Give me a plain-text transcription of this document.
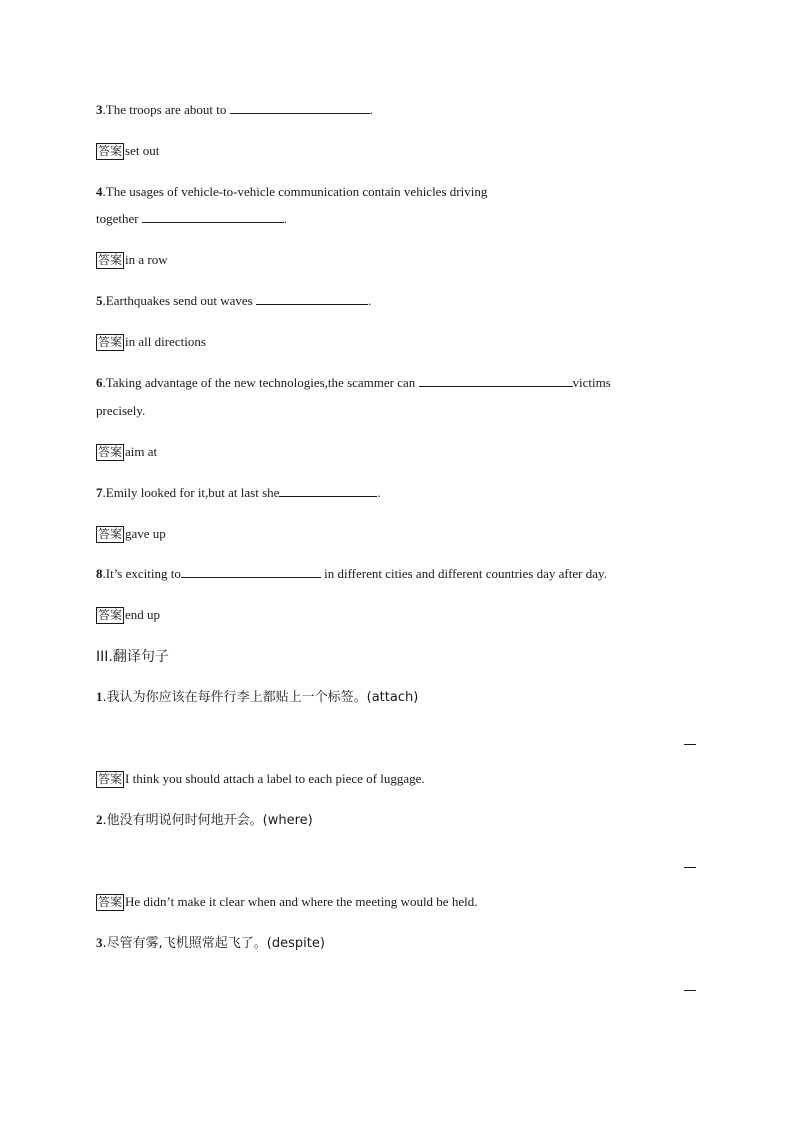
3.The troops are about to	.
答案 set out
4.The usages of vehicle-to-vehicle communication contain vehicles driving
together	.
答案 in a row
5.Earthquakes send out waves	.
答案 in all directions
6.Taking advantage of the new technologies,the scammer can	victims
precisely.
答案 aim at
7.Emily looked for it,but at last she	.
答案 gave up
8.It’s exciting to	in different cities and different countries day after day.
答案 end up
III.翻译句子
1.我认为你应该在每件行李上都贴上一个标签。(attach)
答案 I think you should attach a label to each piece of luggage.
2.他没有明说何时何地开会。(where)
答案 He didn’t make it clear when and where the meeting would be held.
3.尽管有雾,飞机照常起飞了。(despite)
